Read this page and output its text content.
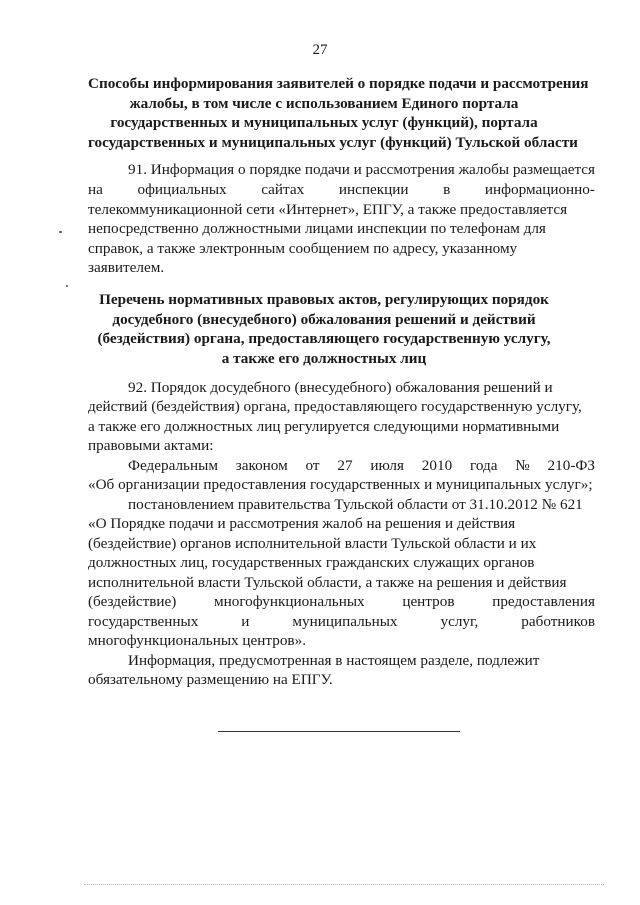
27
Способы информирования заявителей о порядке подачи и рассмотрения
жалобы, в том числе с использованием Единого портала
государственных и муниципальных услуг (функций), портала
государственных и муниципальных услуг (функций) Тульской области
91. Информация о порядке подачи и рассмотрения жалобы размещается
на официальных сайтах инспекции в информационно-
телекоммуникационной сети «Интернет», ЕПГУ, а также предоставляется
непосредственно должностными лицами инспекции по телефонам для
справок, а также электронным сообщением по адресу, указанному
заявителем.
Перечень нормативных правовых актов, регулирующих порядок
досудебного (внесудебного) обжалования решений и действий
(бездействия) органа, предоставляющего государственную услугу,
а также его должностных лиц
92. Порядок досудебного (внесудебного) обжалования решений и
действий (бездействия) органа, предоставляющего государственную услугу,
а также его должностных лиц регулируется следующими нормативными
правовыми актами:
Федеральным законом от 27 июля 2010 года № 210-ФЗ
«Об организации предоставления государственных и муниципальных услуг»;
постановлением правительства Тульской области от 31.10.2012 № 621
«О Порядке подачи и рассмотрения жалоб на решения и действия
(бездействие) органов исполнительной власти Тульской области и их
должностных лиц, государственных гражданских служащих органов
исполнительной власти Тульской области, а также на решения и действия
(бездействие) многофункциональных центров предоставления
государственных	и	муниципальных	услуг,	работников
многофункциональных центров».
Информация, предусмотренная в настоящем разделе, подлежит
обязательному размещению на ЕПГУ.
